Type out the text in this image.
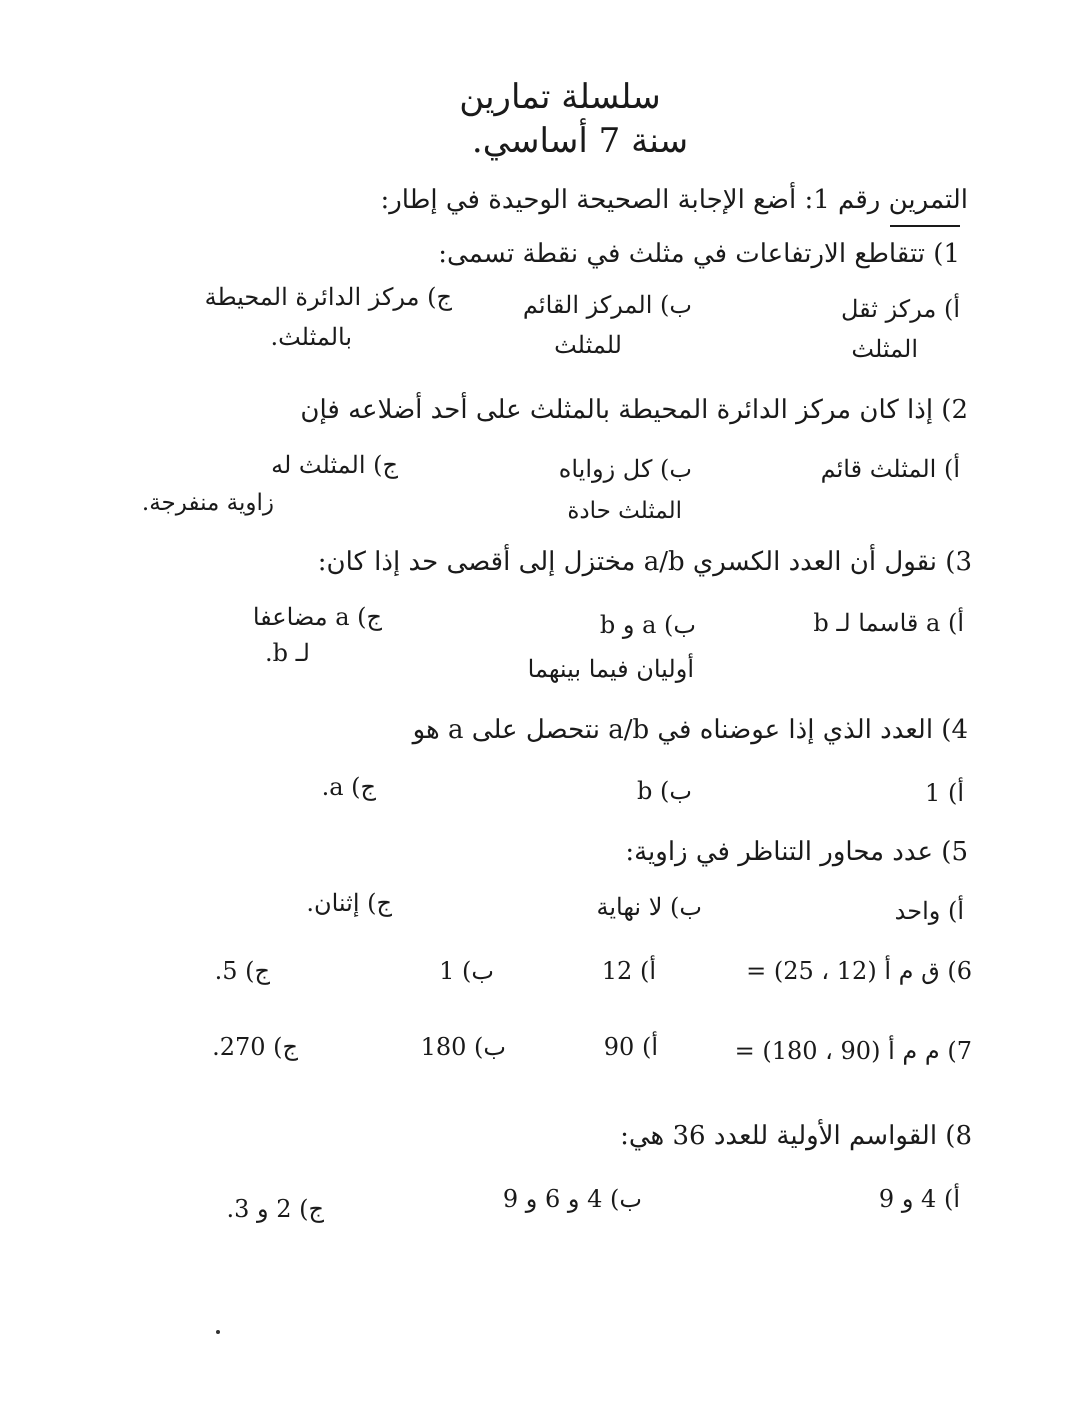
سلسلة تمارين
سنة 7 أساسي.
التمرين رقم 1: أضع الإجابة الصحيحة الوحيدة في إطار:
1) تتقاطع الارتفاعات في مثلث في نقطة تسمى:
أ) مركز ثقل
المثلث
ب) المركز القائم
للمثلث
ج) مركز الدائرة المحيطة
بالمثلث.
2) إذا كان مركز الدائرة المحيطة بالمثلث على أحد أضلاعه فإن
أ) المثلث قائم
ب) كل زواياه
المثلث حادة
ج) المثلث له
زاوية منفرجة.
3) نقول أن العدد الكسري a/b مختزل إلى أقصى حد إذا كان:
أ) a قاسما لـ b
ب) a و b
أوليان فيما بينهما
ج) a مضاعفا
لـ b.
4) العدد الذي إذا عوضناه في a/b نتحصل على a هو
أ) 1
ب) b
ج) a.
5) عدد محاور التناظر في زاوية:
أ) واحد
ب) لا نهاية
ج) إثنان.
6) ق م أ (12 ، 25) =
أ) 12
ب) 1
ج) 5.
7) م م أ (90 ، 180) =
أ) 90
ب) 180
ج) 270.
8) القواسم الأولية للعدد 36 هي:
أ) 4 و 9
ب) 4 و 6 و 9
ج) 2 و 3.
